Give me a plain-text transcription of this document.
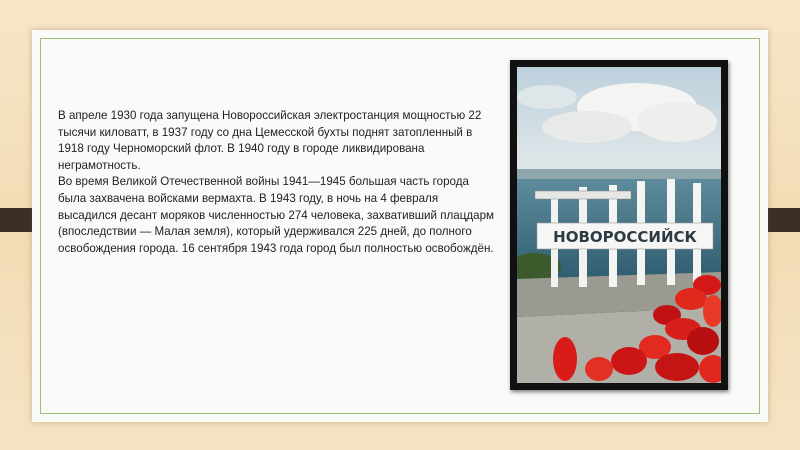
В апреле 1930 года запущена Новороссийская электростанция мощностью 22 тысячи киловатт, в 1937 году со дна Цемесской бухты поднят затопленный в 1918 году Черноморский флот. В 1940 году в городе ликвидирована неграмотность.

Во время Великой Отечественной войны 1941—1945 большая часть города была захвачена войсками вермахта. В 1943 году, в ночь на 4 февраля высадился десант моряков численностью 274 человека, захвативший плацдарм (впоследствии — Малая земля), который удерживался 225 дней, до полного освобождения города. 16 сентября 1943 года город был полностью освобождён.

НОВОРОССИЙСК
